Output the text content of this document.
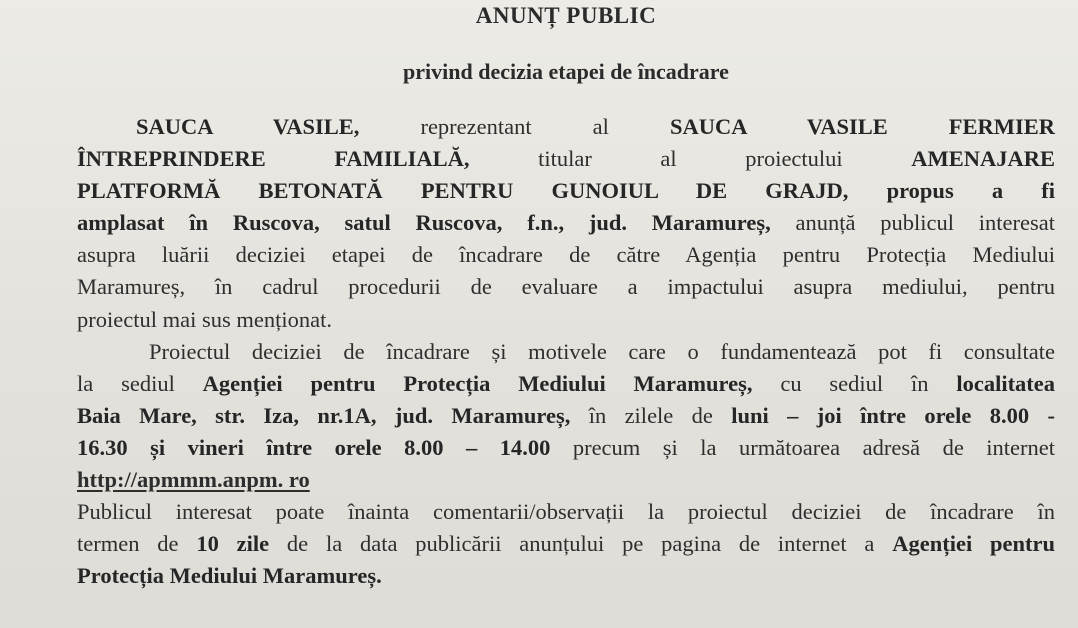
ANUNȚ PUBLIC
privind decizia etapei de încadrare
SAUCA VASILE,	reprezentant al	SAUCA VASILE FERMIER
ÎNTREPRINDERE FAMILIALĂ,	titular al proiectului	AMENAJARE
PLATFORMĂ BETONATĂ PENTRU GUNOIUL DE GRAJD, propus a fi
amplasat în Ruscova, satul Ruscova, f.n., jud. Maramureș, anunță publicul interesat
asupra luării deciziei etapei de încadrare de către Agenția pentru Protecția Mediului
Maramureș, în cadrul procedurii de evaluare a impactului asupra mediului, pentru
proiectul mai sus menționat.
Proiectul deciziei de încadrare și motivele care o fundamentează pot fi consultate
la sediul Agenției pentru Protecția Mediului Maramureș, cu sediul în localitatea
Baia Mare, str. Iza, nr.1A, jud. Maramureș, în zilele de luni – joi între orele 8.00 -
16.30 și vineri între orele 8.00 – 14.00 precum și la următoarea adresă de internet
http://apmmm.anpm. ro
Publicul interesat poate înainta comentarii/observații la proiectul deciziei de încadrare în
termen de 10 zile de la data publicării anunțului pe pagina de internet a Agenției pentru
Protecția Mediului Maramureș.
